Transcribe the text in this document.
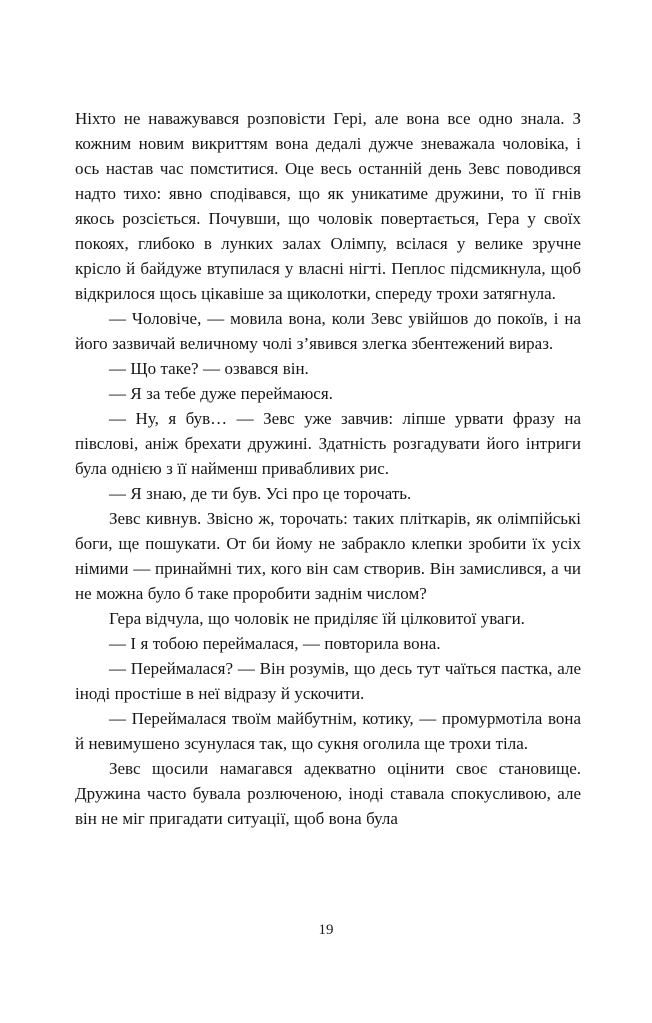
Ніхто не наважувався розповісти Гері, але вона все одно знала. З кожним новим викриттям вона дедалі дужче зневажала чоловіка, і ось настав час помститися. Оце весь останній день Зевс поводився надто тихо: явно сподівався, що як уникатиме дружини, то її гнів якось розсіється. Почувши, що чоловік повертається, Гера у своїх покоях, глибоко в лунких залах Олімпу, всілася у велике зручне крісло й байдуже втупилася у власні нігті. Пеплос підсмикнула, щоб відкрилося щось цікавіше за щиколотки, спереду трохи затягнула.

— Чоловіче, — мовила вона, коли Зевс увійшов до покоїв, і на його зазвичай величному чолі з’явився злегка збентежений вираз.

— Що таке? — озвався він.

— Я за тебе дуже переймаюся.

— Ну, я був… — Зевс уже завчив: ліпше урвати фразу на півслові, аніж брехати дружині. Здатність розгадувати його інтриги була однією з її найменш привабливих рис.

— Я знаю, де ти був. Усі про це торочать.

Зевс кивнув. Звісно ж, торочать: таких пліткарів, як олімпійські боги, ще пошукати. От би йому не забракло клепки зробити їх усіх німими — принаймні тих, кого він сам створив. Він замислився, а чи не можна було б таке проробити заднім числом?

Гера відчула, що чоловік не приділяє їй цілковитої уваги.

— І я тобою переймалася, — повторила вона.

— Переймалася? — Він розумів, що десь тут чаїться пастка, але іноді простіше в неї відразу й ускочити.

— Переймалася твоїм майбутнім, котику, — промурмотіла вона й невимушено зсунулася так, що сукня оголила ще трохи тіла.

Зевс щосили намагався адекватно оцінити своє становище. Дружина часто бувала розлюченою, іноді ставала спокусливою, але він не міг пригадати ситуації, щоб вона була

19
